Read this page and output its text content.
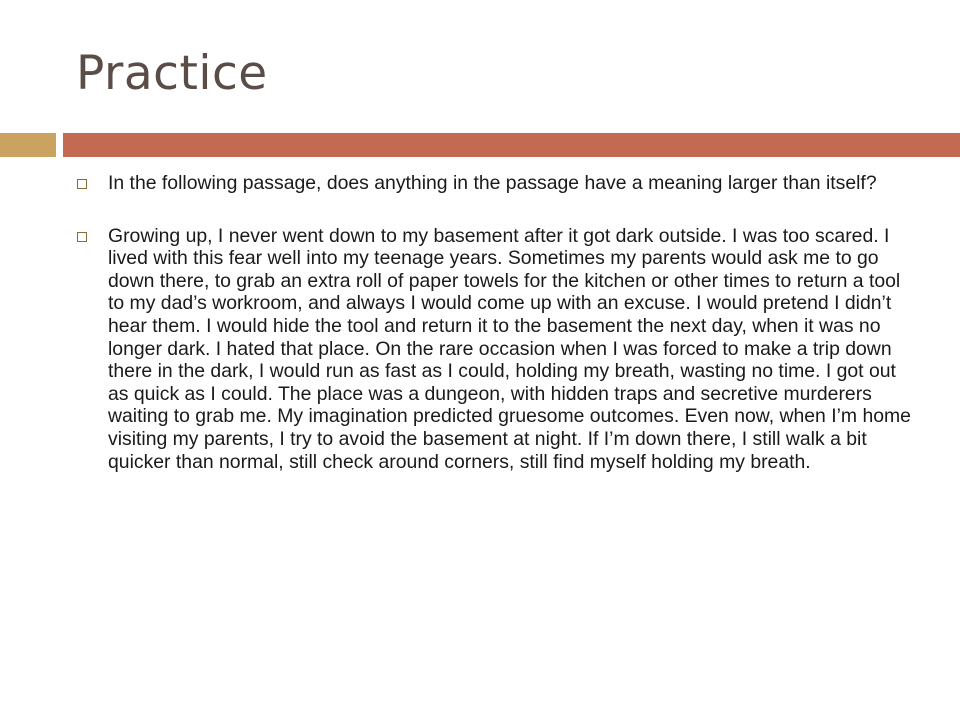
Practice
In the following passage, does anything in the passage have a meaning larger than itself?
Growing up, I never went down to my basement after it got dark outside. I was too scared. I lived with this fear well into my teenage years. Sometimes my parents would ask me to go down there, to grab an extra roll of paper towels for the kitchen or other times to return a tool to my dad’s workroom, and always I would come up with an excuse. I would pretend I didn’t hear them. I would hide the tool and return it to the basement the next day, when it was no longer dark. I hated that place. On the rare occasion when I was forced to make a trip down there in the dark, I would run as fast as I could, holding my breath, wasting no time. I got out as quick as I could. The place was a dungeon, with hidden traps and secretive murderers waiting to grab me. My imagination predicted gruesome outcomes. Even now, when I’m home visiting my parents, I try to avoid the basement at night. If I’m down there, I still walk a bit quicker than normal, still check around corners, still find myself holding my breath.
